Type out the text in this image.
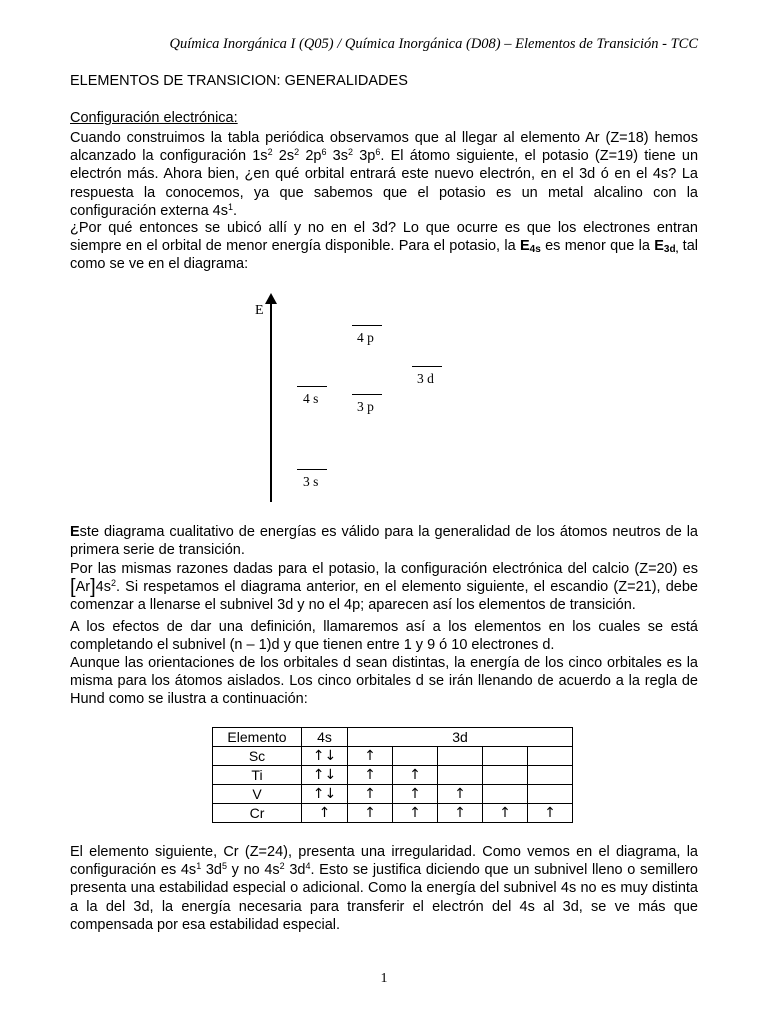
Química Inorgánica I (Q05) / Química Inorgánica (D08) – Elementos de Transición - TCC
ELEMENTOS DE TRANSICION: GENERALIDADES
Configuración electrónica:
Cuando construimos la tabla periódica observamos que al llegar al elemento Ar (Z=18) hemos alcanzado la configuración $1s^2$ $2s^2$ $2p^6$ $3s^2$ $3p^6$. El átomo siguiente, el potasio (Z=19) tiene un electrón más. Ahora bien, ¿en qué orbital entrará este nuevo electrón, en el 3d ó en el 4s? La respuesta la conocemos, ya que sabemos que el potasio es un metal alcalino con la configuración externa $4s^1$.
¿Por qué entonces se ubicó allí y no en el 3d? Lo que ocurre es que los electrones entran siempre en el orbital de menor energía disponible. Para el potasio, la $E_{4s}$ es menor que la $E_{3d,}$ tal como se ve en el diagrama:
E
4 p
3 d
4 s
3 p
3 s
Este diagrama cualitativo de energías es válido para la generalidad de los átomos neutros de la primera serie de transición.
Por las mismas razones dadas para el potasio, la configuración electrónica del calcio (Z=20) es $[Ar]4s^2$. Si respetamos el diagrama anterior, en el elemento siguiente, el escandio (Z=21), debe comenzar a llenarse el subnivel 3d y no el 4p; aparecen así los elementos de transición.
A los efectos de dar una definición, llamaremos así a los elementos en los cuales se está completando el subnivel (n – 1)d y que tienen entre 1 y 9 ó 10 electrones d.
Aunque las orientaciones de los orbitales d sean distintas, la energía de los cinco orbitales es la misma para los átomos aislados. Los cinco orbitales d se irán llenando de acuerdo a la regla de Hund como se ilustra a continuación:
Elemento	4s	3d				
Sc	↑↓	↑				
Ti	↑↓	↑	↑			
V	↑↓	↑	↑	↑		
Cr	↑	↑	↑	↑	↑	↑
El elemento siguiente, Cr (Z=24), presenta una irregularidad. Como vemos en el diagrama, la configuración es $4s^1$ $3d^5$ y no $4s^2$ $3d^4$. Esto se justifica diciendo que un subnivel lleno o semillero presenta una estabilidad especial o adicional. Como la energía del subnivel 4s no es muy distinta a la del 3d, la energía necesaria para transferir el electrón del 4s al 3d, se ve más que compensada por esa estabilidad especial.
1
